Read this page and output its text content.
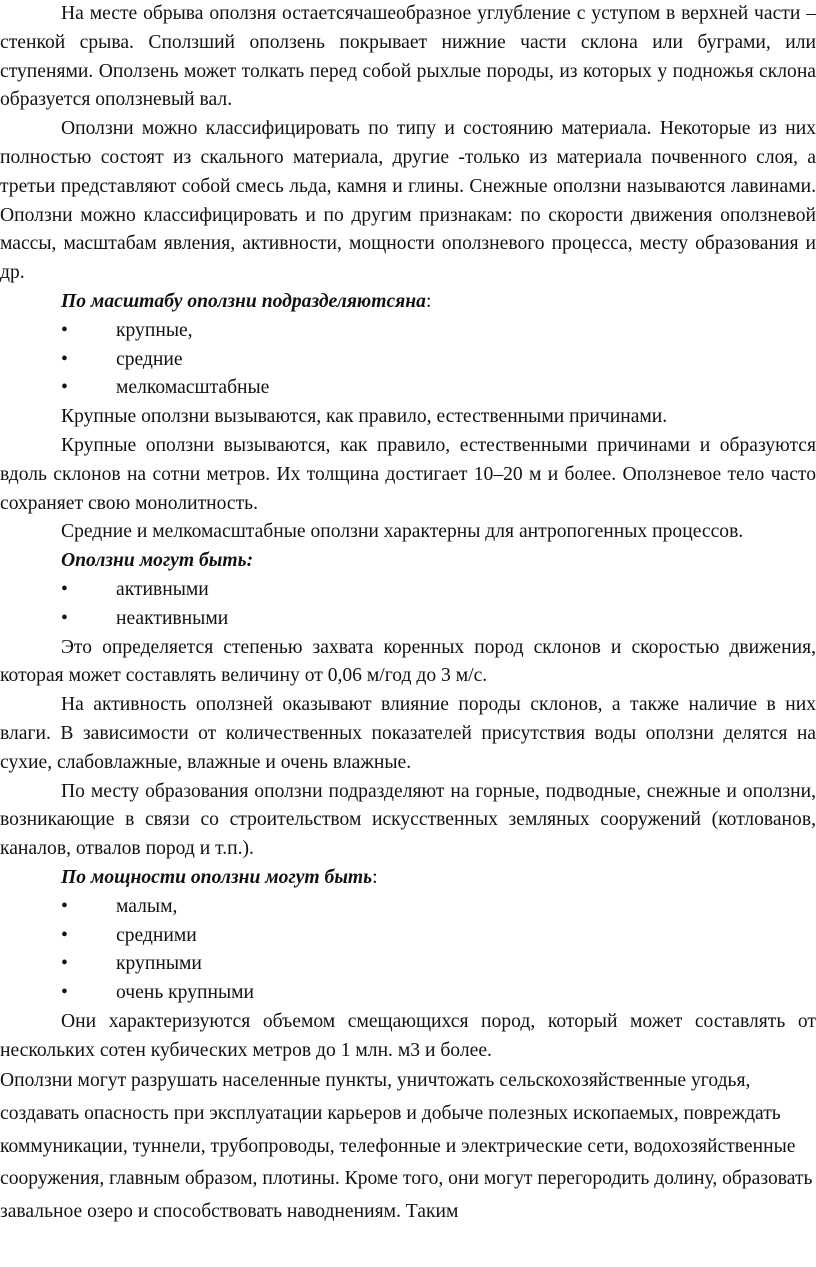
На месте обрыва оползня остаетсячашеобразное углубление с уступом в верхней части – стенкой срыва. Сползший оползень покрывает нижние части склона или буграми, или ступенями. Оползень может толкать перед собой рыхлые породы, из которых у подножья склона образуется оползневый вал.

Оползни можно классифицировать по типу и состоянию материала. Некоторые из них полностью состоят из скального материала, другие -только из материала почвенного слоя, а третьи представляют собой смесь льда, камня и глины. Снежные оползни называются лавинами. Оползни можно классифицировать и по другим признакам: по скорости движения оползневой массы, масштабам явления, активности, мощности оползневого процесса, месту образования и др.

По масштабу оползни подразделяютсяна:

• крупные,
• средние
• мелкомасштабные

Крупные оползни вызываются, как правило, естественными причинами.

Крупные оползни вызываются, как правило, естественными причинами и образуются вдоль склонов на сотни метров. Их толщина достигает 10–20 м и более. Оползневое тело часто сохраняет свою монолитность.

Средние и мелкомасштабные оползни характерны для антропогенных процессов.

Оползни могут быть:

• активными
• неактивными

Это определяется степенью захвата коренных пород склонов и скоростью движения, которая может составлять величину от 0,06 м/год до 3 м/с.

На активность оползней оказывают влияние породы склонов, а также наличие в них влаги. В зависимости от количественных показателей присутствия воды оползни делятся на сухие, слабовлажные, влажные и очень влажные.

По месту образования оползни подразделяют на горные, подводные, снежные и оползни, возникающие в связи со строительством искусственных земляных сооружений (котлованов, каналов, отвалов пород и т.п.).

По мощности оползни могут быть:

• малым,
• средними
• крупными
• очень крупными

Они характеризуются объемом смещающихся пород, который может составлять от нескольких сотен кубических метров до 1 млн. м3 и более.

Оползни могут разрушать населенные пункты, уничтожать сельскохозяйственные угодья, создавать опасность при эксплуатации карьеров и добыче полезных ископаемых, повреждать коммуникации, туннели, трубопроводы, телефонные и электрические сети, водохозяйственные сооружения, главным образом, плотины. Кроме того, они могут перегородить долину, образовать завальное озеро и способствовать наводнениям. Таким
